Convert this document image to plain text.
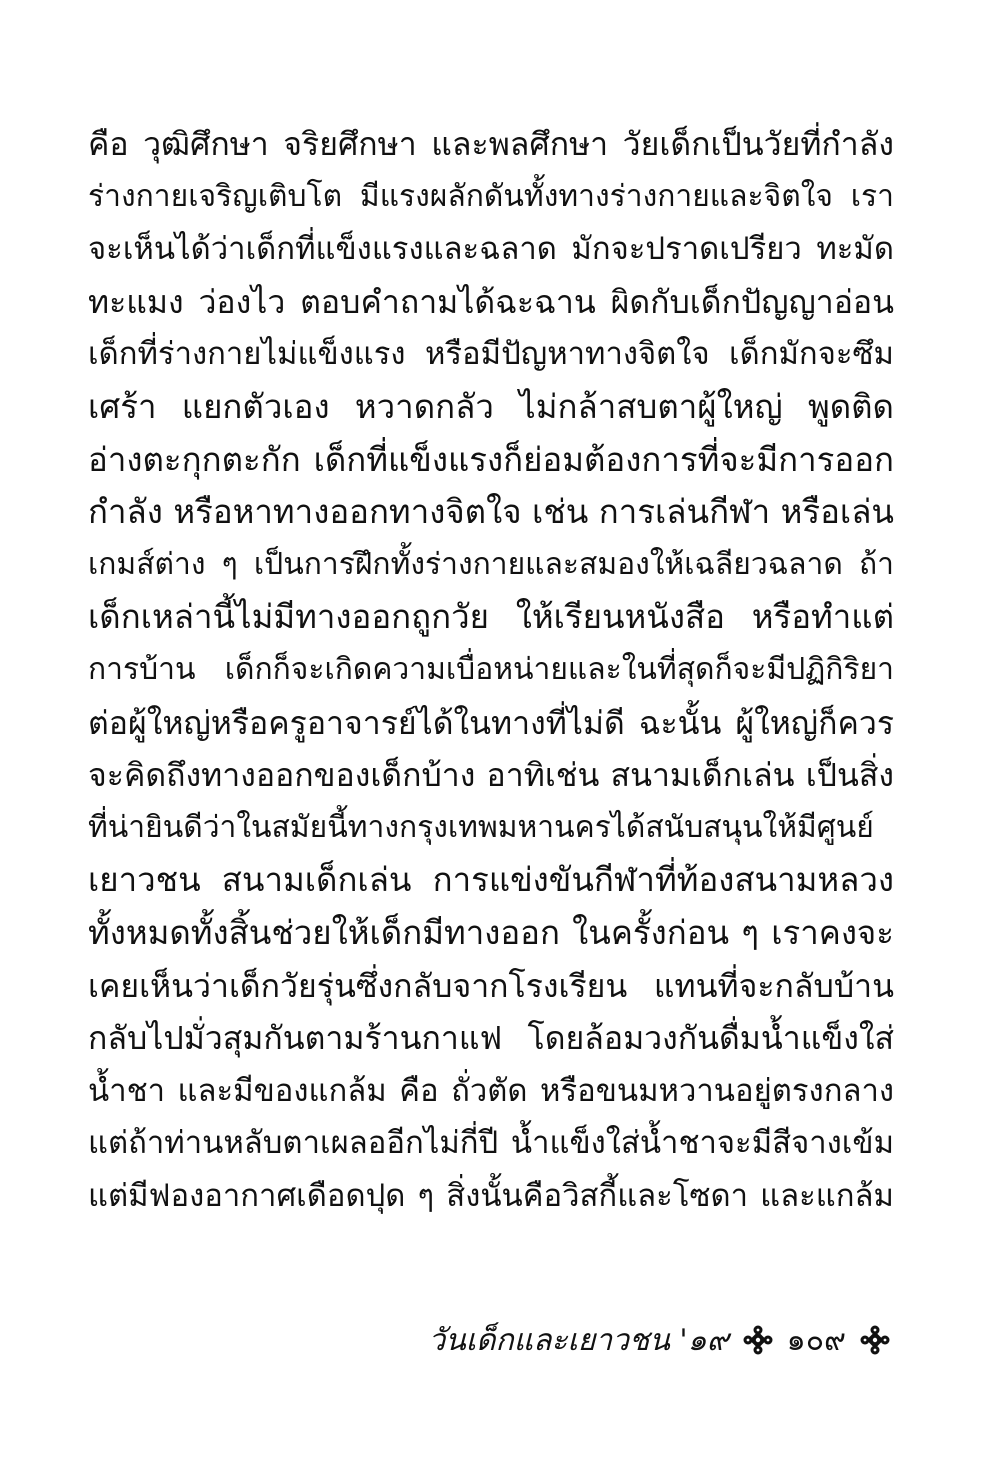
คือ วุฒิศึกษา จริยศึกษา และพลศึกษา วัยเด็กเป็นวัยที่กำลัง
ร่างกายเจริญเติบโต มีแรงผลักดันทั้งทางร่างกายและจิตใจ เรา
จะเห็นได้ว่าเด็กที่แข็งแรงและฉลาด มักจะปราดเปรียว ทะมัด
ทะแมง ว่องไว ตอบคำถามได้ฉะฉาน ผิดกับเด็กปัญญาอ่อน
เด็กที่ร่างกายไม่แข็งแรง หรือมีปัญหาทางจิตใจ เด็กมักจะซึม
เศร้า แยกตัวเอง หวาดกลัว ไม่กล้าสบตาผู้ใหญ่ พูดติด
อ่างตะกุกตะกัก เด็กที่แข็งแรงก็ย่อมต้องการที่จะมีการออก
กำลัง หรือหาทางออกทางจิตใจ เช่น การเล่นกีฬา หรือเล่น
เกมส์ต่าง ๆ เป็นการฝึกทั้งร่างกายและสมองให้เฉลียวฉลาด ถ้า
เด็กเหล่านี้ไม่มีทางออกถูกวัย ให้เรียนหนังสือ หรือทำแต่
การบ้าน เด็กก็จะเกิดความเบื่อหน่ายและในที่สุดก็จะมีปฏิกิริยา
ต่อผู้ใหญ่หรือครูอาจารย์ได้ในทางที่ไม่ดี ฉะนั้น ผู้ใหญ่ก็ควร
จะคิดถึงทางออกของเด็กบ้าง อาทิเช่น สนามเด็กเล่น เป็นสิ่ง
ที่น่ายินดีว่าในสมัยนี้ทางกรุงเทพมหานครได้สนับสนุนให้มีศูนย์
เยาวชน สนามเด็กเล่น การแข่งขันกีฬาที่ท้องสนามหลวง
ทั้งหมดทั้งสิ้นช่วยให้เด็กมีทางออก ในครั้งก่อน ๆ เราคงจะ
เคยเห็นว่าเด็กวัยรุ่นซึ่งกลับจากโรงเรียน แทนที่จะกลับบ้าน
กลับไปมั่วสุมกันตามร้านกาแฟ โดยล้อมวงกันดื่มน้ำแข็งใส่
น้ำชา และมีของแกล้ม คือ ถั่วตัด หรือขนมหวานอยู่ตรงกลาง
แต่ถ้าท่านหลับตาเผลออีกไม่กี่ปี น้ำแข็งใส่น้ำชาจะมีสีจางเข้ม
แต่มีฟองอากาศเดือดปุด ๆ สิ่งนั้นคือวิสกี้และโซดา และแกล้ม
วันเด็กและเยาวชน '๑๙ ๑๐๙
